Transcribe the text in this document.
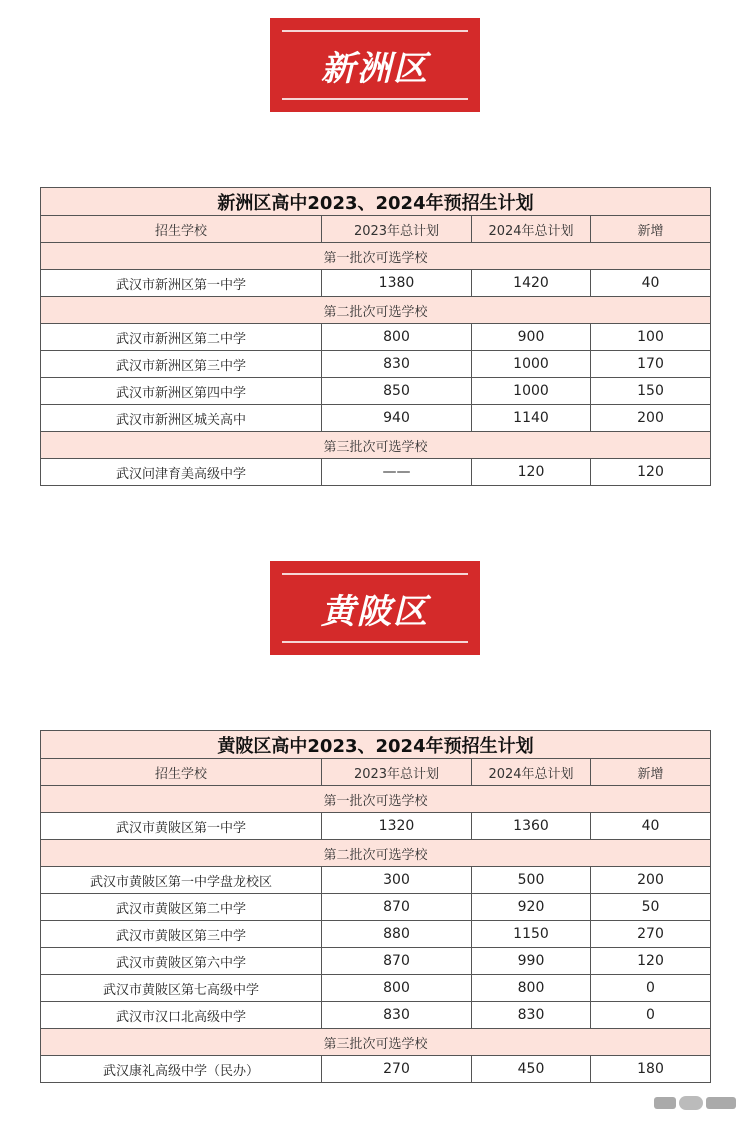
新洲区
新洲区高中2023、2024年预招生计划			
招生学校	2023年总计划	2024年总计划	新增
第一批次可选学校			
武汉市新洲区第一中学	1380	1420	40
第二批次可选学校			
武汉市新洲区第二中学	800	900	100
武汉市新洲区第三中学	830	1000	170
武汉市新洲区第四中学	850	1000	150
武汉市新洲区城关高中	940	1140	200
第三批次可选学校			
武汉问津育美高级中学	——	120	120
黄陂区
黄陂区高中2023、2024年预招生计划			
招生学校	2023年总计划	2024年总计划	新增
第一批次可选学校			
武汉市黄陂区第一中学	1320	1360	40
第二批次可选学校			
武汉市黄陂区第一中学盘龙校区	300	500	200
武汉市黄陂区第二中学	870	920	50
武汉市黄陂区第三中学	880	1150	270
武汉市黄陂区第六中学	870	990	120
武汉市黄陂区第七高级中学	800	800	0
武汉市汉口北高级中学	830	830	0
第三批次可选学校			
武汉康礼高级中学（民办）	270	450	180
